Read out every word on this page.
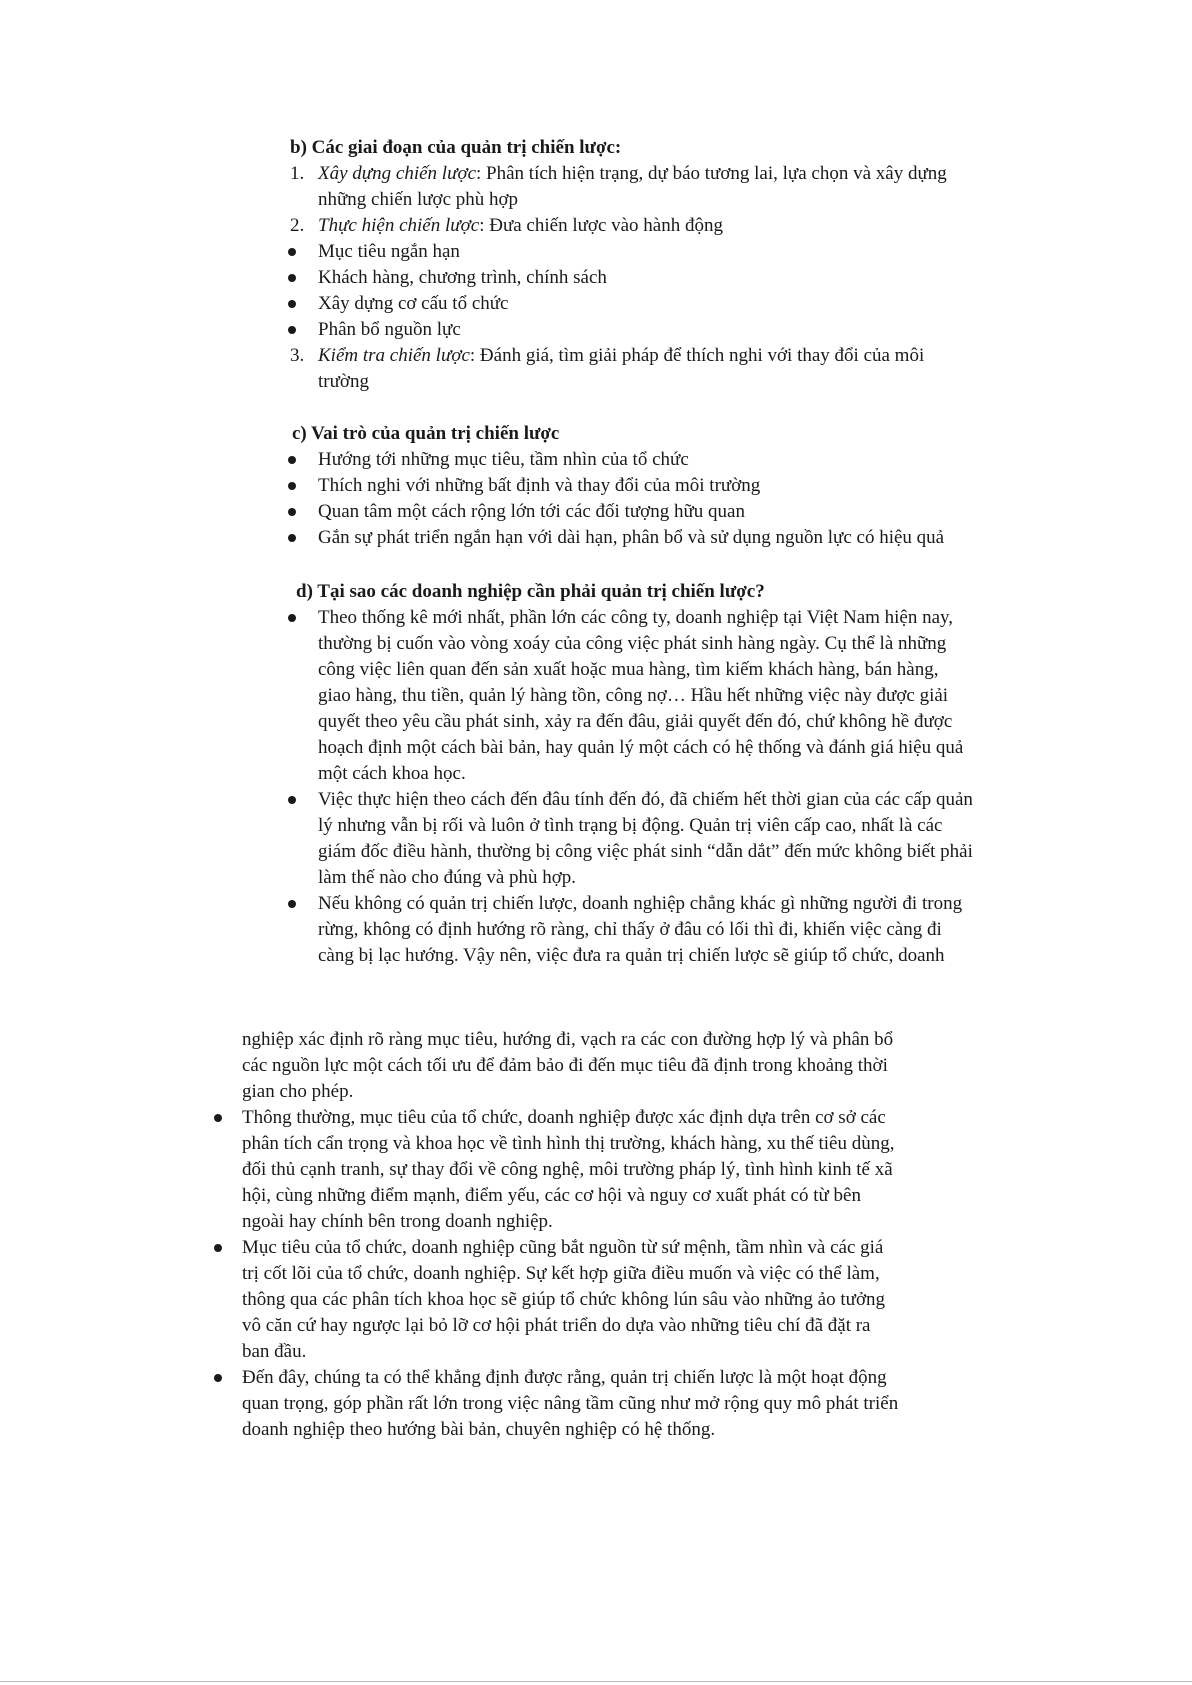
b) Các giai đoạn của quản trị chiến lược:
1. Xây dựng chiến lược: Phân tích hiện trạng, dự báo tương lai, lựa chọn và xây dựng
những chiến lược phù hợp
2. Thực hiện chiến lược: Đưa chiến lược vào hành động
Mục tiêu ngắn hạn
Khách hàng, chương trình, chính sách
Xây dựng cơ cấu tổ chức
Phân bổ nguồn lực
3. Kiểm tra chiến lược: Đánh giá, tìm giải pháp để thích nghi với thay đổi của môi
trường
c) Vai trò của quản trị chiến lược
Hướng tới những mục tiêu, tầm nhìn của tổ chức
Thích nghi với những bất định và thay đổi của môi trường
Quan tâm một cách rộng lớn tới các đối tượng hữu quan
Gắn sự phát triển ngắn hạn với dài hạn, phân bổ và sử dụng nguồn lực có hiệu quả
d) Tại sao các doanh nghiệp cần phải quản trị chiến lược?
Theo thống kê mới nhất, phần lớn các công ty, doanh nghiệp tại Việt Nam hiện nay,
thường bị cuốn vào vòng xoáy của công việc phát sinh hàng ngày. Cụ thể là những
công việc liên quan đến sản xuất hoặc mua hàng, tìm kiếm khách hàng, bán hàng,
giao hàng, thu tiền, quản lý hàng tồn, công nợ… Hầu hết những việc này được giải
quyết theo yêu cầu phát sinh, xảy ra đến đâu, giải quyết đến đó, chứ không hề được
hoạch định một cách bài bản, hay quản lý một cách có hệ thống và đánh giá hiệu quả
một cách khoa học.
Việc thực hiện theo cách đến đâu tính đến đó, đã chiếm hết thời gian của các cấp quản
lý nhưng vẫn bị rối và luôn ở tình trạng bị động. Quản trị viên cấp cao, nhất là các
giám đốc điều hành, thường bị công việc phát sinh “dẫn dắt” đến mức không biết phải
làm thế nào cho đúng và phù hợp.
Nếu không có quản trị chiến lược, doanh nghiệp chẳng khác gì những người đi trong
rừng, không có định hướng rõ ràng, chỉ thấy ở đâu có lối thì đi, khiến việc càng đi
càng bị lạc hướng. Vậy nên, việc đưa ra quản trị chiến lược sẽ giúp tổ chức, doanh
nghiệp xác định rõ ràng mục tiêu, hướng đi, vạch ra các con đường hợp lý và phân bổ
các nguồn lực một cách tối ưu để đảm bảo đi đến mục tiêu đã định trong khoảng thời
gian cho phép.
Thông thường, mục tiêu của tổ chức, doanh nghiệp được xác định dựa trên cơ sở các
phân tích cẩn trọng và khoa học về tình hình thị trường, khách hàng, xu thế tiêu dùng,
đối thủ cạnh tranh, sự thay đổi về công nghệ, môi trường pháp lý, tình hình kinh tế xã
hội, cùng những điểm mạnh, điểm yếu, các cơ hội và nguy cơ xuất phát có từ bên
ngoài hay chính bên trong doanh nghiệp.
Mục tiêu của tổ chức, doanh nghiệp cũng bắt nguồn từ sứ mệnh, tầm nhìn và các giá
trị cốt lõi của tổ chức, doanh nghiệp. Sự kết hợp giữa điều muốn và việc có thể làm,
thông qua các phân tích khoa học sẽ giúp tổ chức không lún sâu vào những ảo tưởng
vô căn cứ hay ngược lại bỏ lỡ cơ hội phát triển do dựa vào những tiêu chí đã đặt ra
ban đầu.
Đến đây, chúng ta có thể khẳng định được rằng, quản trị chiến lược là một hoạt động
quan trọng, góp phần rất lớn trong việc nâng tầm cũng như mở rộng quy mô phát triển
doanh nghiệp theo hướng bài bản, chuyên nghiệp có hệ thống.
